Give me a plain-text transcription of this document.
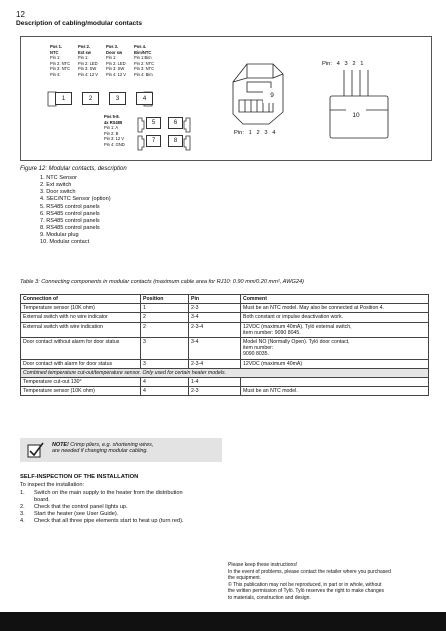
12
Description of cabling/modular contacts
Pos 1.
NTC
Pin 1:
Pin 2: NTC
Pin 3: NTC
Pin 4:
Pos 2.
Ext sw
Pin 1:
Pin 2: LED
Pin 3: SW
Pin 4: 12 V
Pos 3.
Door sw
Pin 1:
Pin 2: LED
Pin 3: SW
Pin 4: 12 V
Pos 4.
Bim/NTC
Pin 1:Bim
Pin 2: NTC
Pin 3: NTC
Pin 4: Bim
1	2	3	4
Pos 5-8.
4x RS485
Pin 1: A
Pin 2: B
Pin 3: 12 V
Pin 4: GND
5	6
7	8
9
Pin: 1 2 3 4
Pin: 4 3 2 1
10
Figure 12: Modular contacts, description
1. NTC Sensor
2. Ext switch
3. Door switch
4. SEC/NTC Sensor (option)
5. RS485 control panels
6. RS485 control panels
7. RS485 control panels
8. RS485 control panels
9. Modular plug
10. Modular contact
Table 3: Connecting components in modular contacts (maximum cable area for RJ10: 0.90 mm/0.20 mm², AWG24)
Connection of	Position	Pin	Comment
Temperature sensor (10K ohm)	1	2-3	Must be an NTC model. May also be connected at Position 4.
External switch with no wire indicator	2	3-4	Both constant or impulse deactivation work.
External switch with wire indication	2	2-3-4	12VDC (maximum 40mA). Tylö external switch,
item number: 9090 8045.
Door contact without alarm for door status	3	3-4	Model NO (Normally Open). Tylö door contact,
item number:
9090 8035.
Door contact with alarm for door status	3	2-3-4	12VDC (maximum 40mA)
Combined temperature cut-out/temperature sensor. Only used for certain heater models.			
Temperature cut-out 130°	4	1-4	
Temperature sensor (10K ohm)	4	2-3	Must be an NTC model.
NOTE! Crimp pliers, e.g. shortening wires,
are needed if changing modular cabling.
SELF-INSPECTION OF THE INSTALLATION
To inspect the installation:
1. Switch on the main supply to the heater from the distribution
board.
2. Check that the control panel lights up.
3. Start the heater (see User Guide).
4. Check that all three pipe elements start to heat up (turn red).
Please keep these instructions!
In the event of problems, please contact the retailer where you purchased
the equipment.
© This publication may not be reproduced, in part or in whole, without
the written permission of Tylö. Tylö reserves the right to make changes
to materials, construction and design.
